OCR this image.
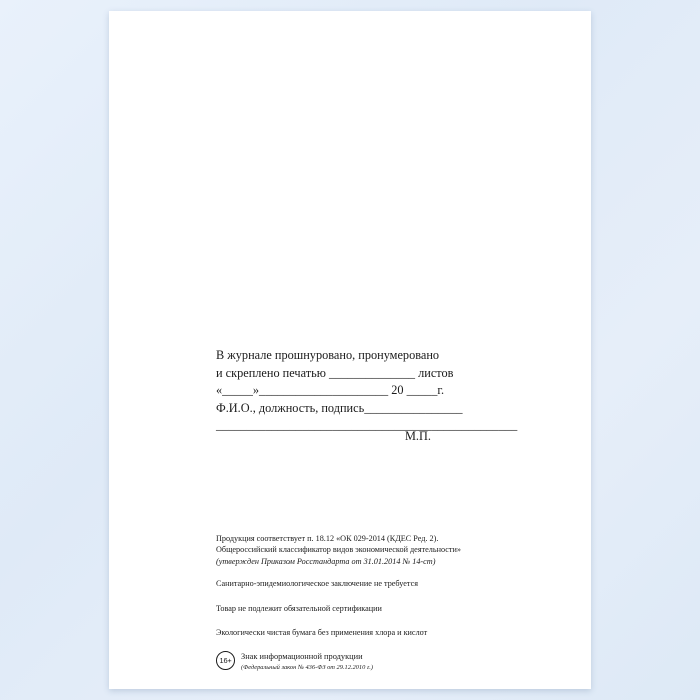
В журнале прошнуровано, пронумеровано
и скреплено печатью ______________ листов
«_____»_____________________ 20 _____г.
Ф.И.О., должность, подпись________________
_________________________________________________
М.П.
Продукция соответствует п. 18.12 «ОК 029-2014 (КДЕС Ред. 2).
Общероссийский классификатор видов экономической деятельности»
(утвержден Приказом Росстандарта от 31.01.2014 № 14-ст)
Санитарно-эпидемиологическое заключение не требуется
Товар не подлежит обязательной сертификации
Экологически чистая бумага без применения хлора и кислот
16+	Знак информационной продукции
(Федеральный закон № 436-ФЗ от 29.12.2010 г.)
